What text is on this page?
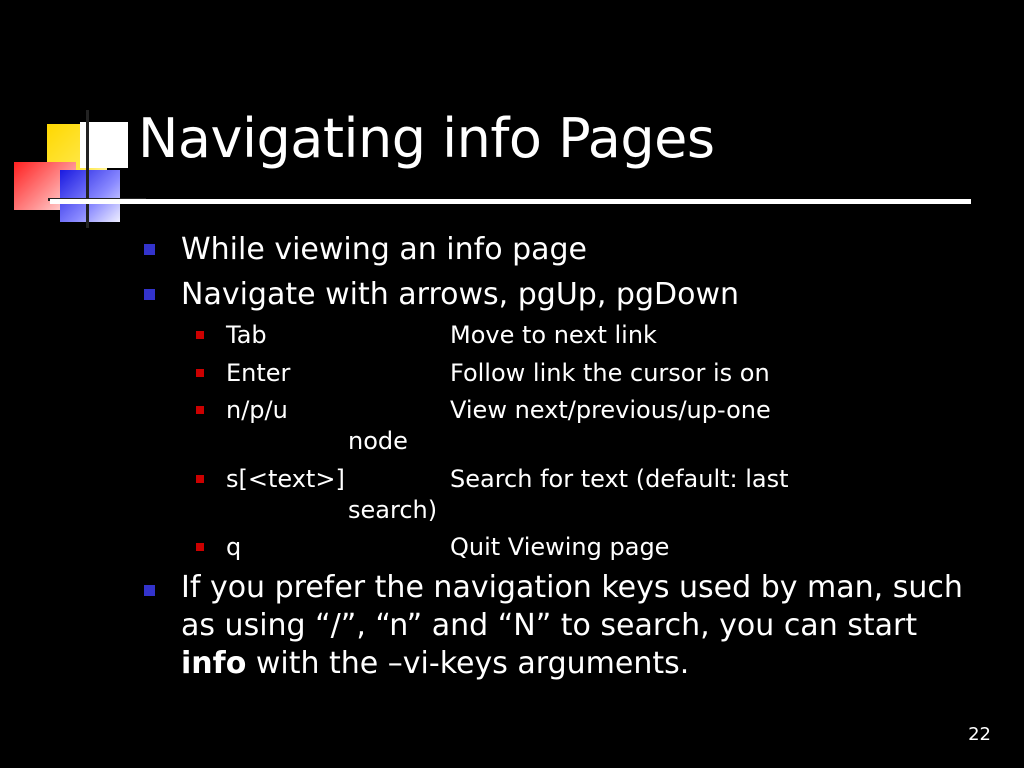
Navigating info Pages
While viewing an info page
Navigate with arrows, pgUp, pgDown
Tab	Move to next link
Enter	Follow link the cursor is on
n/p/u	View next/previous/up-one
node
s[<text>]	Search for text (default: last
search)
q	Quit Viewing page
If you prefer the navigation keys used by man, such
as using “/”, “n” and “N” to search, you can start
info with the –vi-keys arguments.
22
